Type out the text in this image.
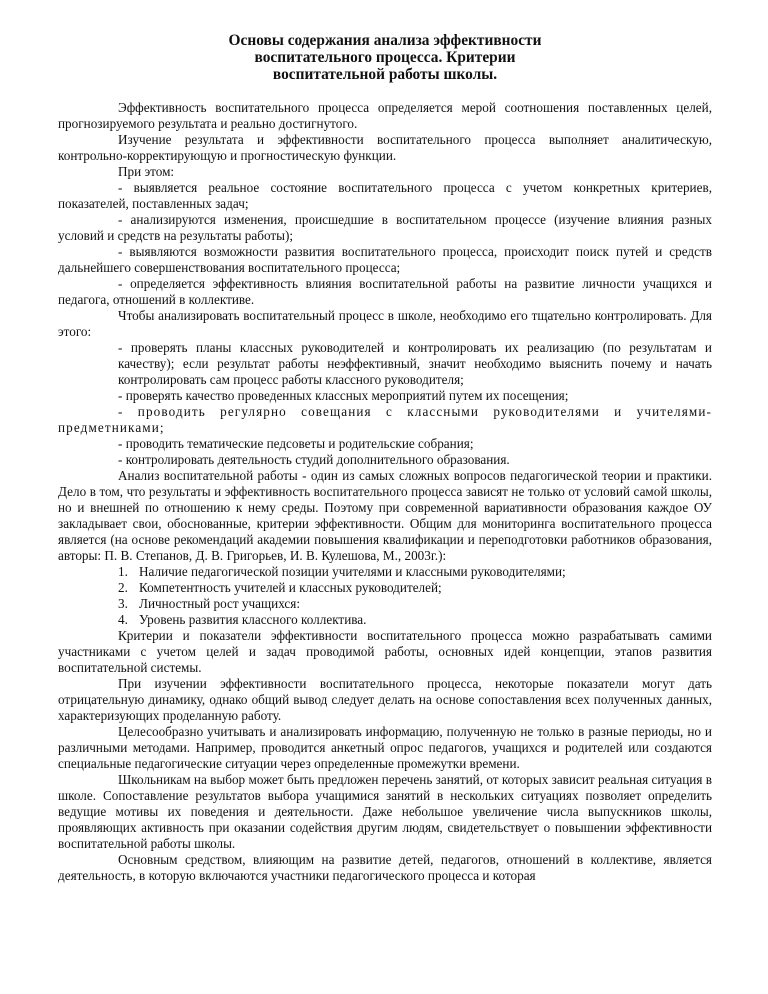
Основы содержания анализа эффективности
воспитательного процесса. Критерии
воспитательной работы школы.

Эффективность воспитательного процесса определяется мерой соотношения поставленных целей, прогнозируемого результата и реально достигнутого.

Изучение результата и эффективности воспитательного процесса выполняет аналитическую, контрольно-корректирующую и прогностическую функции.

При этом:

- выявляется реальное состояние воспитательного процесса с учетом конкретных критериев, показателей, поставленных задач;

- анализируются изменения, происшедшие в воспитательном процессе (изучение влияния разных условий и средств на результаты работы);

- выявляются возможности развития воспитательного процесса, происходит поиск путей и средств дальнейшего совершенствования воспитательного процесса;

- определяется эффективность влияния воспитательной работы на развитие личности учащихся и педагога, отношений в коллективе.

Чтобы анализировать воспитательный процесс в школе, необходимо его тщательно контролировать. Для этого:

- проверять планы классных руководителей и контролировать их реализацию (по результатам и качеству); если результат работы неэффективный, значит необходимо выяснить почему и начать контролировать сам процесс работы классного руководителя;

- проверять качество проведенных классных мероприятий путем их посещения;

- проводить регулярно совещания с классными руководителями и учителями-предметниками;

- проводить тематические педсоветы и родительские собрания;

- контролировать деятельность студий дополнительного образования.

Анализ воспитательной работы - один из самых сложных вопросов педагогической теории и практики. Дело в том, что результаты и эффективность воспитательного процесса зависят не только от условий самой школы, но и внешней по отношению к нему среды. Поэтому при современной вариативности образования каждое ОУ закладывает свои, обоснованные, критерии эффективности. Общим для мониторинга воспитательного процесса является (на основе рекомендаций академии повышения квалификации и переподготовки работников образования, авторы: П. В. Степанов, Д. В. Григорьев, И. В. Кулешова, М., 2003г.):

1. Наличие педагогической позиции учителями и классными руководителями;

2. Компетентность учителей и классных руководителей;

3. Личностный рост учащихся:

4. Уровень развития классного коллектива.

Критерии и показатели эффективности воспитательного процесса можно разрабатывать самими участниками с учетом целей и задач проводимой работы, основных идей концепции, этапов развития воспитательной системы.

При изучении эффективности воспитательного процесса, некоторые показатели могут дать отрицательную динамику, однако общий вывод следует делать на основе сопоставления всех полученных данных, характеризующих проделанную работу.

Целесообразно учитывать и анализировать информацию, полученную не только в разные периоды, но и различными методами. Например, проводится анкетный опрос педагогов, учащихся и родителей или создаются специальные педагогические ситуации через определенные промежутки времени.

Школьникам на выбор может быть предложен перечень занятий, от которых зависит реальная ситуация в школе. Сопоставление результатов выбора учащимися занятий в нескольких ситуациях позволяет определить ведущие мотивы их поведения и деятельности. Даже небольшое увеличение числа выпускников школы, проявляющих активность при оказании содействия другим людям, свидетельствует о повышении эффективности воспитательной работы школы.

Основным средством, влияющим на развитие детей, педагогов, отношений в коллективе, является деятельность, в которую включаются участники педагогического процесса и которая
